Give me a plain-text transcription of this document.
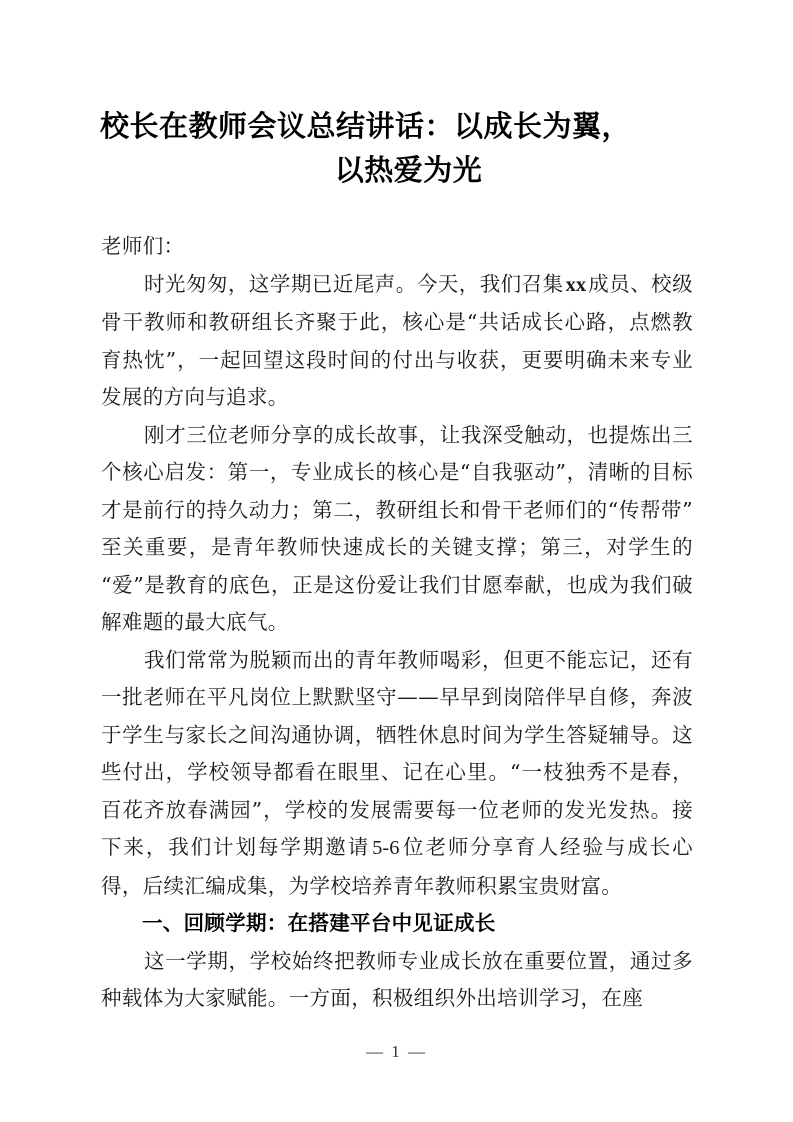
校长在教师会议总结讲话：以成长为翼，
以热爱为光

老师们：

时光匆匆，这学期已近尾声。今天，我们召集xx成员、校级骨干教师和教研组长齐聚于此，核心是“共话成长心路，点燃教育热忱”，一起回望这段时间的付出与收获，更要明确未来专业发展的方向与追求。

刚才三位老师分享的成长故事，让我深受触动，也提炼出三个核心启发：第一，专业成长的核心是“自我驱动”，清晰的目标才是前行的持久动力；第二，教研组长和骨干老师们的“传帮带”至关重要，是青年教师快速成长的关键支撑；第三，对学生的“爱”是教育的底色，正是这份爱让我们甘愿奉献，也成为我们破解难题的最大底气。

我们常常为脱颖而出的青年教师喝彩，但更不能忘记，还有一批老师在平凡岗位上默默坚守——早早到岗陪伴早自修，奔波于学生与家长之间沟通协调，牺牲休息时间为学生答疑辅导。这些付出，学校领导都看在眼里、记在心里。“一枝独秀不是春，百花齐放春满园”，学校的发展需要每一位老师的发光发热。接下来，我们计划每学期邀请5-6位老师分享育人经验与成长心得，后续汇编成集，为学校培养青年教师积累宝贵财富。

一、回顾学期：在搭建平台中见证成长

这一学期，学校始终把教师专业成长放在重要位置，通过多种载体为大家赋能。一方面，积极组织外出培训学习，在座

— 1 —
